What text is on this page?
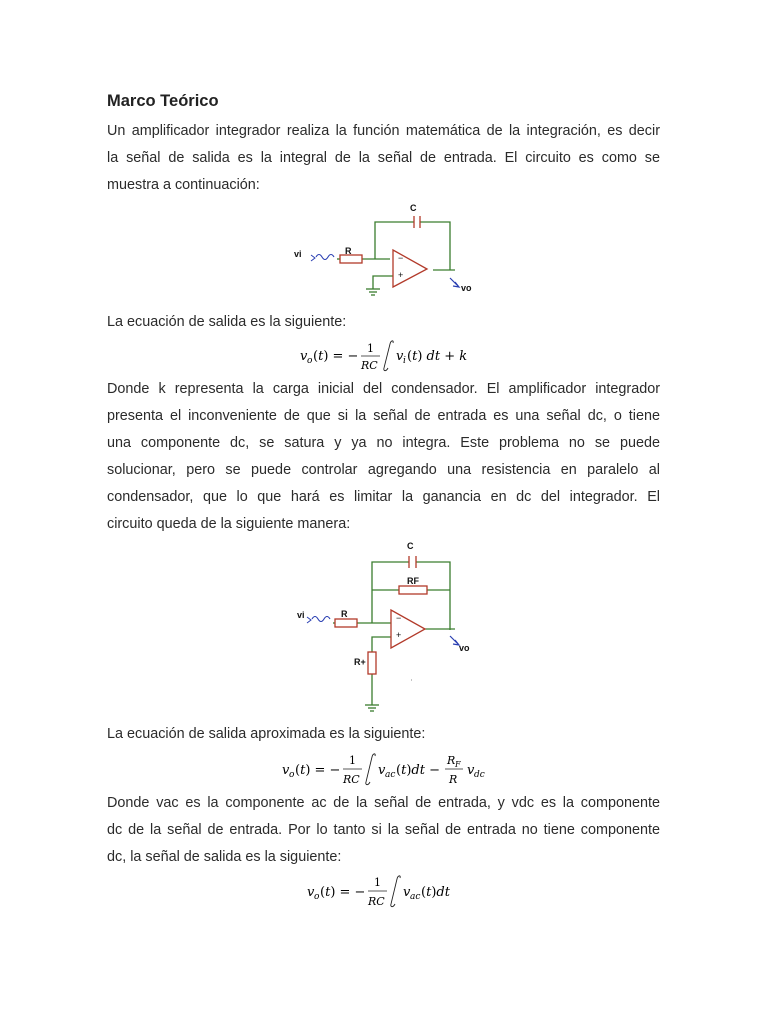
Marco Teórico
Un amplificador integrador realiza la función matemática de la integración, es decir
la señal de salida es la integral de la señal de entrada. El circuito es como se
muestra a continuación:
C
R
vi
vo
−
+
La ecuación de salida es la siguiente:
v o (t) = −
1
RC
v i (t) dt + k
Donde k representa la carga inicial del condensador. El amplificador integrador
presenta el inconveniente de que si la señal de entrada es una señal dc, o tiene
una componente dc, se satura y ya no integra. Este problema no se puede
solucionar, pero se puede controlar agregando una resistencia en paralelo al
condensador, que lo que hará es limitar la ganancia en dc del integrador. El
circuito queda de la siguiente manera:
C
RF
R
vi
R+
vo
−
+
La ecuación de salida aproximada es la siguiente:
v o (t) = −
1
RC
v ac (t)dt −
R F
R
v dc
Donde vac es la componente ac de la señal de entrada, y vdc es la componente
dc de la señal de entrada. Por lo tanto si la señal de entrada no tiene componente
dc, la señal de salida es la siguiente:
v o (t) = −
1
RC
v ac (t)dt
